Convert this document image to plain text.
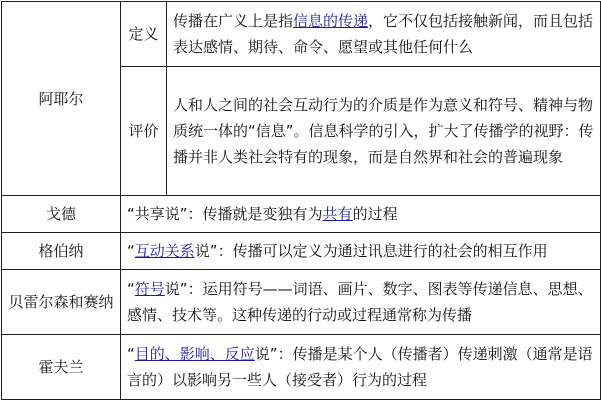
阿耶尔	定义	传播在广义上是指信息的传递，它不仅包括接触新闻，而且包括表达感情、期待、命令、愿望或其他任何什么
	评价	人和人之间的社会互动行为的介质是作为意义和符号、精神与物质统一体的“信息”。信息科学的引入，扩大了传播学的视野：传播并非人类社会特有的现象，而是自然界和社会的普遍现象
戈德	“共享说”：传播就是变独有为共有的过程	
格伯纳	“互动关系说”：传播可以定义为通过讯息进行的社会的相互作用	
贝雷尔森和赛纳	“符号说”：运用符号——词语、画片、数字、图表等传递信息、思想、感情、技术等。这种传递的行动或过程通常称为传播	
霍夫兰	“目的、影响、反应说”：传播是某个人（传播者）传递刺激（通常是语言的）以影响另一些人（接受者）行为的过程	
